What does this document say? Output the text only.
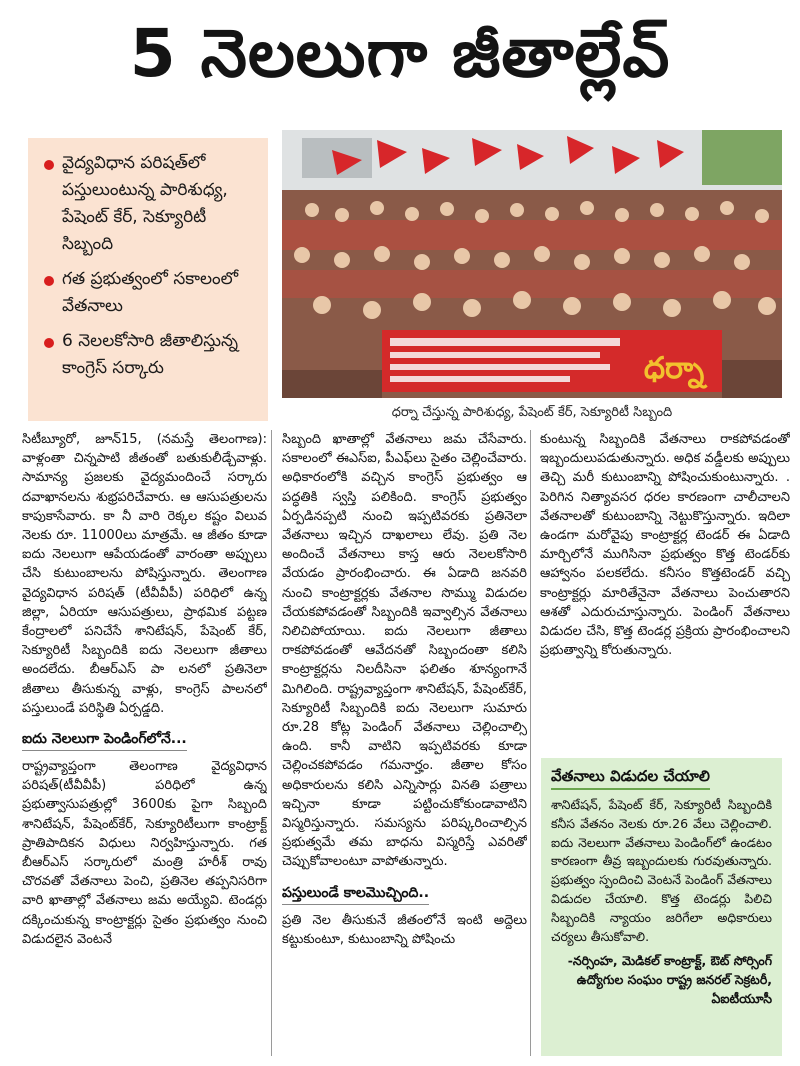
5 నెలలుగా జీతాల్లేవ్
వైద్యవిధాన పరిషత్‌లో పస్తులుంటున్న పారిశుధ్య, పేషెంట్ కేర్, సెక్యూరిటీ సిబ్బంది
గత ప్రభుత్వంలో సకాలంలో వేతనాలు
6 నెలలకోసారి జీతాలిస్తున్న కాంగ్రెస్ సర్కారు	ధర్నా
ధర్నా చేస్తున్న పారిశుధ్య, పేషెంట్ కేర్, సెక్యూరిటీ సిబ్బంది

సిటీబ్యూరో, జూన్15, (నమస్తే తెలంగాణ): వాళ్లంతా చిన్నపాటి జీతంతో బతుకులీడ్చేవాళ్లు. సామాన్య ప్రజలకు వైద్యమందించే సర్కారు దవాఖానలను శుభ్రపరిచేవారు. ఆ ఆసుపత్రులను కాపుకాసేవారు. కా నీ వారి రెక్కల కష్టం విలువ నెలకు రూ. 11000లు మాత్రమే. ఆ జీతం కూడా ఐదు నెలలుగా ఆపేయడంతో వారంతా అప్పులు చేసి కుటుంబాలను పోషిస్తున్నారు. తెలంగాణ వైద్యవిధాన పరిషత్ (టీవీవీపీ) పరిధిలో ఉన్న జిల్లా, ఏరియా ఆసుపత్రులు, ప్రాథమిక పట్టణ కేంద్రాలలో పనిచేసే శానిటేషన్, పేషెంట్ కేర్, సెక్యూరిటీ సిబ్బందికి ఐదు నెలలుగా జీతాలు అందలేదు. బీఆర్ఎస్ పా లనలో ప్రతినెలా జీతాలు తీసుకున్న వాళ్లు, కాంగ్రెస్ పాలనలో పస్తులుండే పరిస్థితి ఏర్పడ్డది.

ఐదు నెలలుగా పెండింగ్‌లోనే...

రాష్ట్రవ్యాప్తంగా తెలంగాణ వైద్యవిధాన పరిషత్(టీవీవీపీ) పరిధిలో ఉన్న ప్రభుత్వాసుపత్రుల్లో 3600కు పైగా సిబ్బంది శానిటేషన్, పేషెంట్‌కేర్, సెక్యూరిటీలుగా కాంట్రాక్ట్ ప్రాతిపాదికన విధులు నిర్వహిస్తున్నారు. గత బీఆర్ఎస్ సర్కారులో మంత్రి హరీశ్ రావు చొరవతో వేతనాలు పెంచి, ప్రతినెల తప్పనిసరిగా వారి ఖాతాల్లో వేతనాలు జమ అయ్యేవి. టెండర్లు దక్కించుకున్న కాంట్రాక్టర్లు సైతం ప్రభుత్వం నుంచి విడుదలైన వెంటనే

సిబ్బంది ఖాతాల్లో వేతనాలు జమ చేసేవారు. సకాలంలో ఈఎస్ఐ, పీఎఫ్‌లు సైతం చెల్లించేవారు. అధికారంలోకి వచ్చిన కాంగ్రెస్ ప్రభుత్వం ఆ పద్ధతికి స్వస్తి పలికింది. కాంగ్రెస్ ప్రభుత్వం ఏర్పడినప్పటి నుంచి ఇప్పటివరకు ప్రతినెలా వేతనాలు ఇచ్చిన దాఖలాలు లేవు. ప్రతి నెల అందించే వేతనాలు కాస్త ఆరు నెలలకోసారి వేయడం ప్రారంభించారు. ఈ ఏడాది జనవరి నుంచి కాంట్రాక్టర్లకు వేతనాల సొమ్ము విడుదల చేయకపోవడంతో సిబ్బందికి ఇవ్వాల్సిన వేతనాలు నిలిచిపోయాయి. ఐదు నెలలుగా జీతాలు రాకపోవడంతో ఆవేదనతో సిబ్బందంతా కలిసి కాంట్రాక్టర్లను నిలదీసినా ఫలితం శూన్యంగానే మిగిలింది. రాష్ట్రవ్యాప్తంగా శానిటేషన్, పేషెంట్‌కేర్, సెక్యూరిటీ సిబ్బందికి ఐదు నెలలుగా సుమారు రూ.28 కోట్ల పెండింగ్ వేతనాలు చెల్లించాల్సి ఉంది. కానీ వాటిని ఇప్పటివరకు కూడా చెల్లించకపోవడం గమనార్హం. జీతాల కోసం అధికారులను కలిసి ఎన్నిసార్లు వినతి పత్రాలు ఇచ్చినా కూడా పట్టించుకోకుండావాటిని విస్మరిస్తున్నారు. సమస్యను పరిష్కరించాల్సిన ప్రభుత్వమే తమ బాధను విస్మరిస్తే ఎవరితో చెప్పుకోవాలంటూ వాపోతున్నారు.

పస్తులుండే కాలమొచ్చింది..

ప్రతి నెల తీసుకునే జీతంలోనే ఇంటి అద్దెలు కట్టుకుంటూ, కుటుంబాన్ని పోషించు

కుంటున్న సిబ్బందికి వేతనాలు రాకపోవడంతో ఇబ్బందులుపడుతున్నారు. అధిక వడ్డీలకు అప్పులు తెచ్చి మరీ కుటుంబాన్ని పోషించుకుంటున్నారు. . పెరిగిన నిత్యావసర ధరల కారణంగా చాలీచాలని వేతనాలతో కుటుంబాన్ని నెట్టుకొస్తున్నారు. ఇదిలా ఉండగా మరోవైపు కాంట్రాక్టర్ల టెండర్ ఈ ఏడాది మార్చిలోనే ముగిసినా ప్రభుత్వం కొత్త టెండర్‌కు ఆహ్వానం పలకలేదు. కనీసం కొత్తటెండర్ వచ్చి కాంట్రాక్టర్లు మారితేనైనా వేతనాలు పెంచుతారని ఆశతో ఎదురుచూస్తున్నారు. పెండింగ్ వేతనాలు విడుదల చేసి, కొత్త టెండర్ల ప్రక్రియ ప్రారంభించాలని ప్రభుత్వాన్ని కోరుతున్నారు.

వేతనాలు విడుదల చేయాలి
శానిటేషన్, పేషెంట్ కేర్, సెక్యూరిటీ సిబ్బందికి కనీస వేతనం నెలకు రూ.26 వేలు చెల్లించాలి. ఐదు నెలలుగా వేతనాలు పెండింగ్‌లో ఉండటం కారణంగా తీవ్ర ఇబ్బందులకు గురవుతున్నారు. ప్రభుత్వం స్పందించి వెంటనే పెండింగ్ వేతనాలు విడుదల చేయాలి. కొత్త టెండర్లు పిలిచి సిబ్బందికి న్యాయం జరిగేలా అధికారులు చర్యలు తీసుకోవాలి.
-నర్సింహ, మెడికల్ కాంట్రాక్ట్, ఔట్ సోర్సింగ్ ఉద్యోగుల సంఘం రాష్ట్ర జనరల్ సెక్రటరీ, ఏఐటీయూసీ
